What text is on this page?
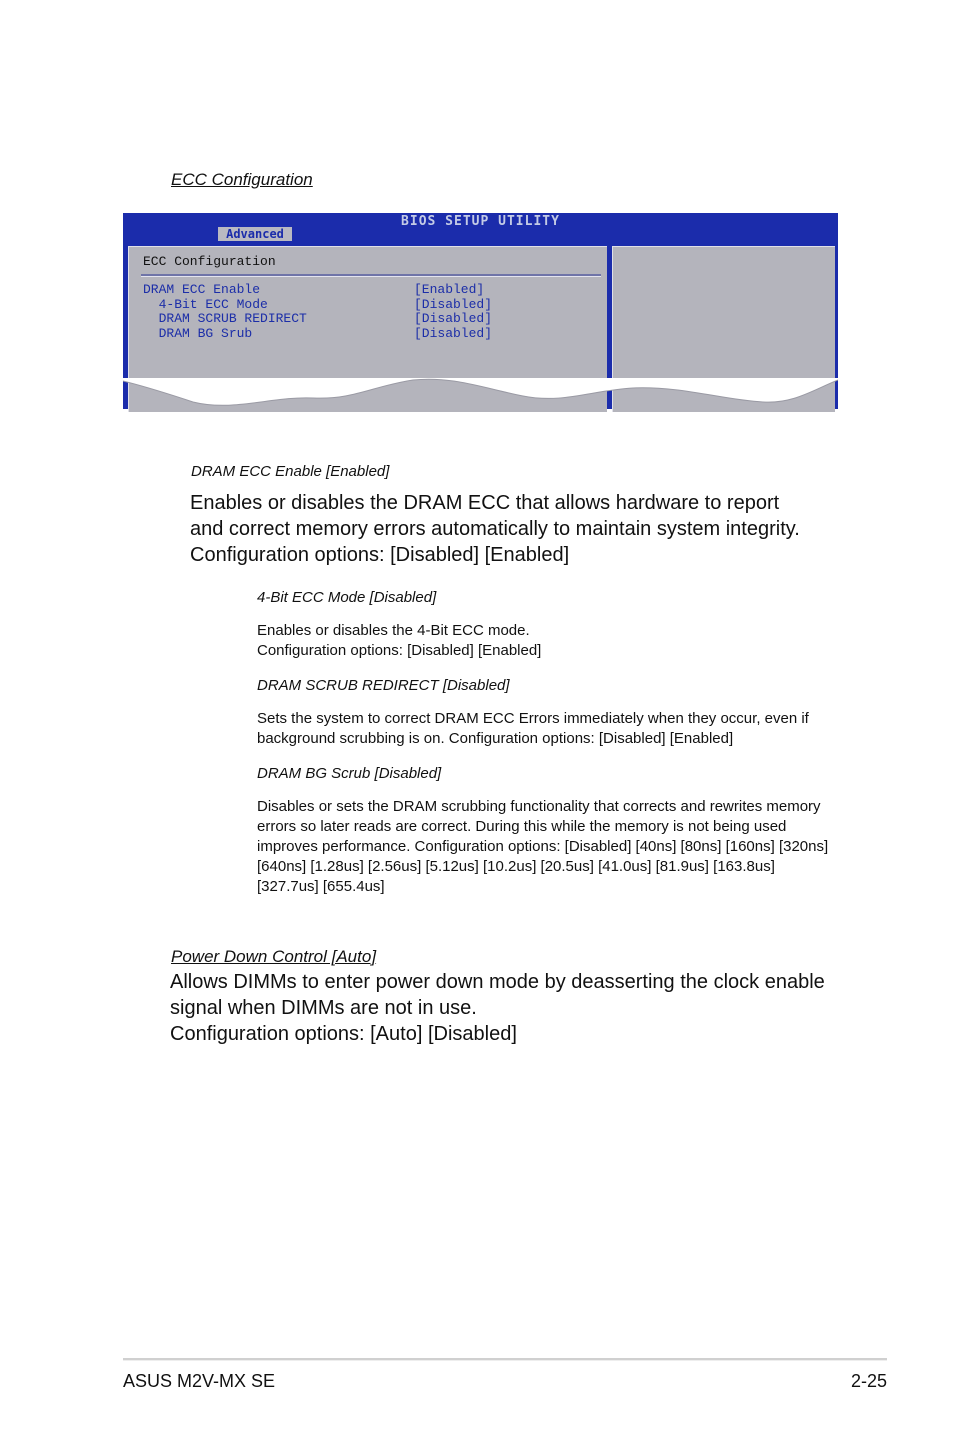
ECC Configuration
BIOS SETUP UTILITY
Advanced
ECC Configuration
DRAM ECC Enable	[Enabled]
4-Bit ECC Mode	[Disabled]
DRAM SCRUB REDIRECT	[Disabled]
DRAM BG Srub	[Disabled]
DRAM ECC Enable [Enabled]
Enables or disables the DRAM ECC that allows hardware to report
and correct memory errors automatically to maintain system integrity.
Configuration options: [Disabled] [Enabled]
4-Bit ECC Mode [Disabled]
Enables or disables the 4-Bit ECC mode.
Configuration options: [Disabled] [Enabled]
DRAM SCRUB REDIRECT [Disabled]
Sets the system to correct DRAM ECC Errors immediately when they occur, even if
background scrubbing is on. Configuration options: [Disabled] [Enabled]
DRAM BG Scrub [Disabled]
Disables or sets the DRAM scrubbing functionality that corrects and rewrites memory
errors so later reads are correct. During this while the memory is not being used
improves performance. Configuration options: [Disabled] [40ns] [80ns] [160ns] [320ns]
[640ns] [1.28us] [2.56us] [5.12us] [10.2us] [20.5us] [41.0us] [81.9us] [163.8us]
[327.7us] [655.4us]
Power Down Control [Auto]
Allows DIMMs to enter power down mode by deasserting the clock enable
signal when DIMMs are not in use.
Configuration options: [Auto] [Disabled]
ASUS M2V-MX SE	2-25
